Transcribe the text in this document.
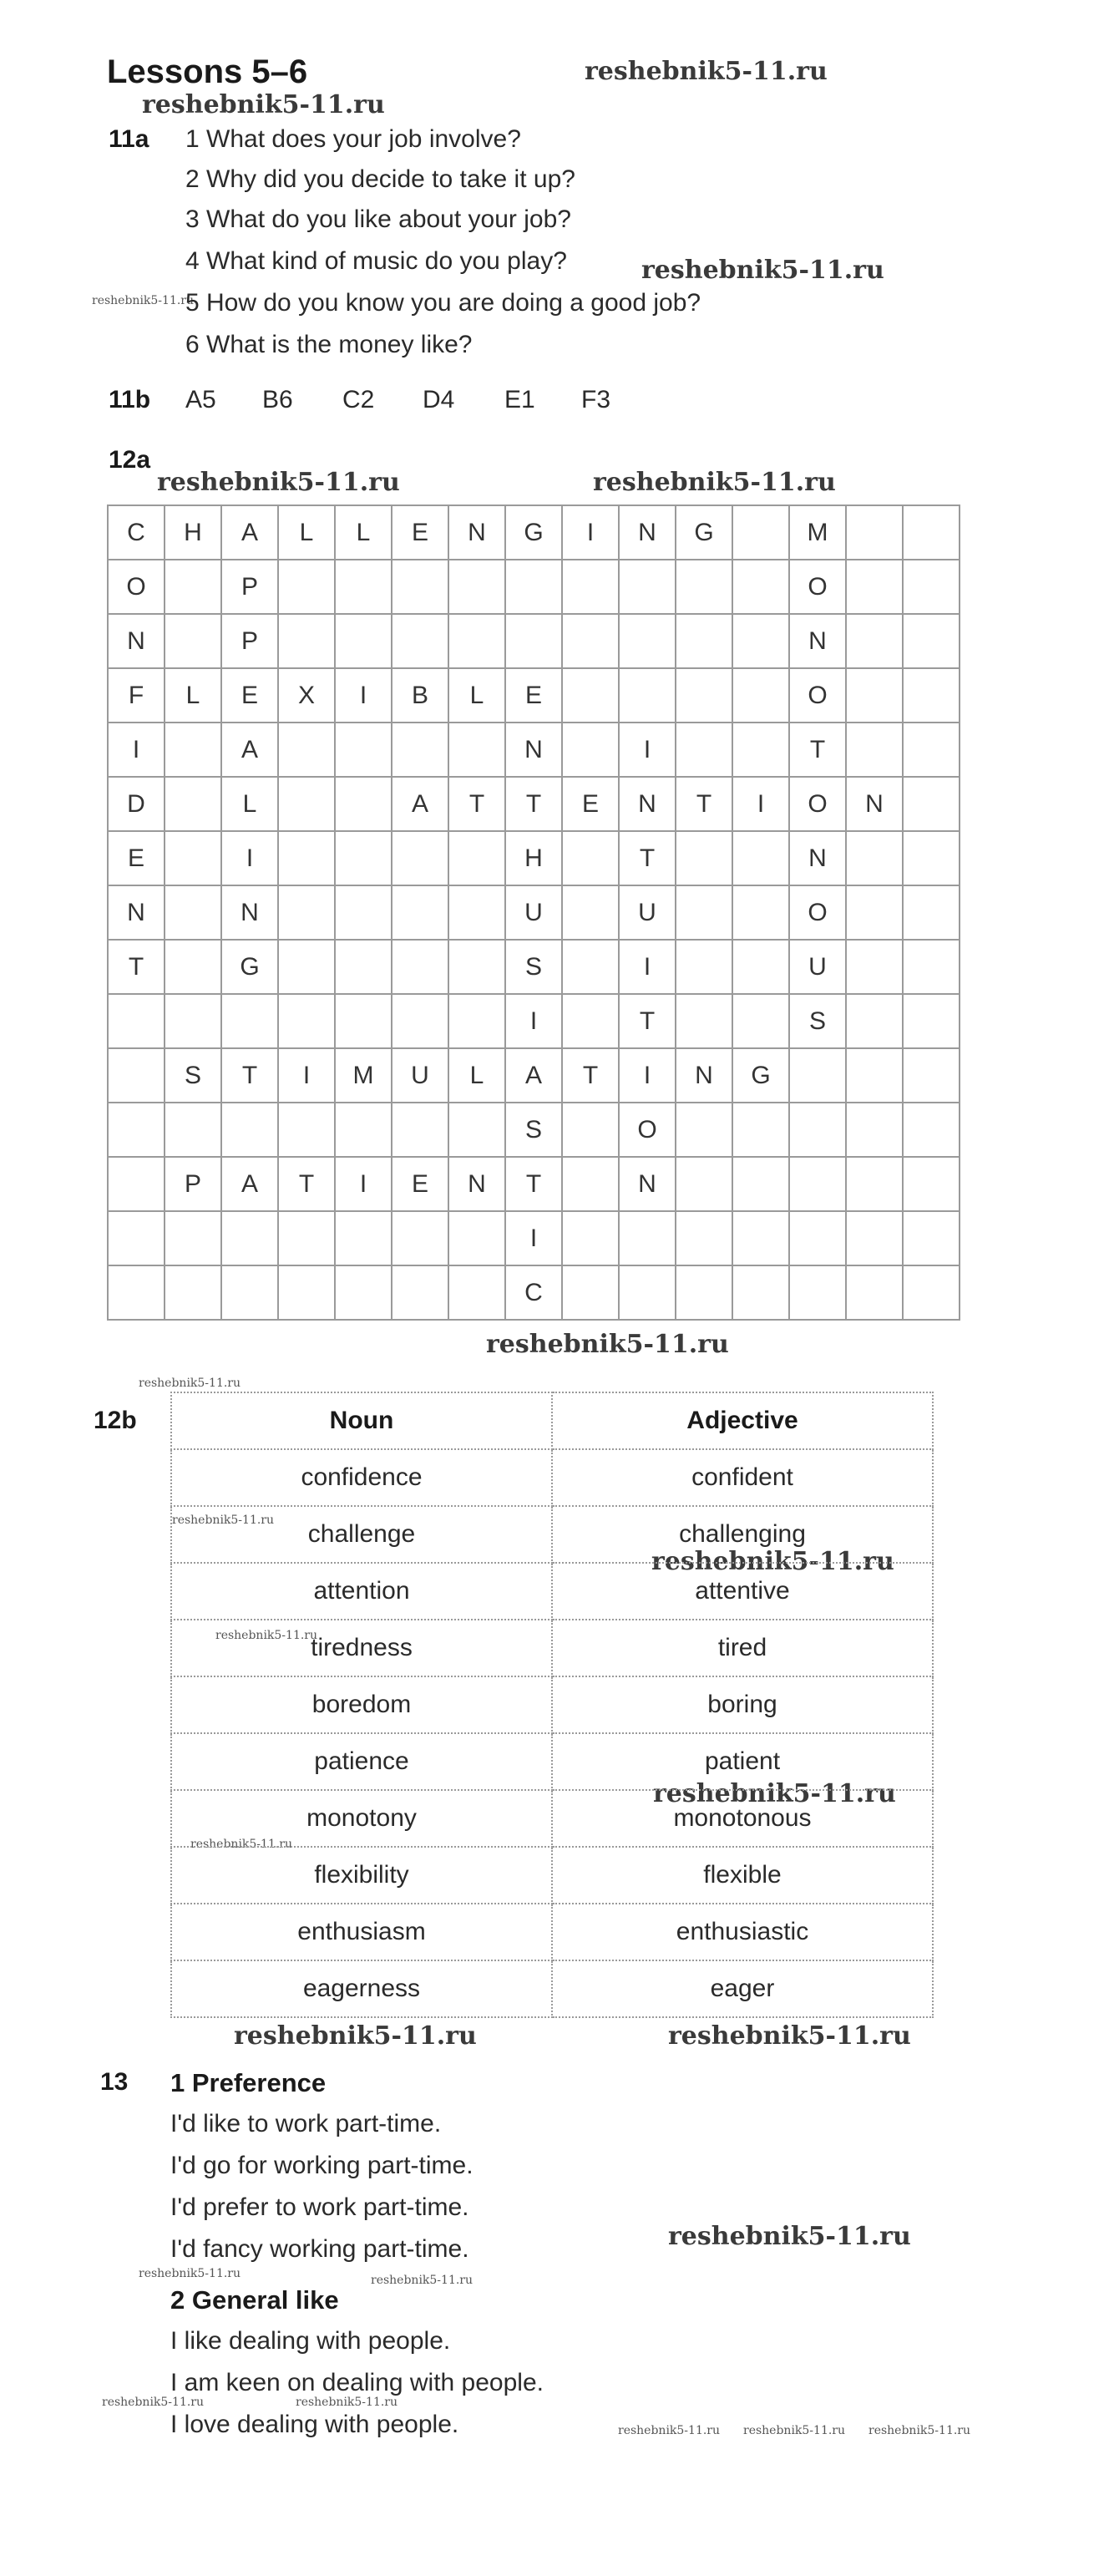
Lessons 5–6	reshebnik5-11.ru
reshebnik5-11.ru
reshebnik5-11.ru
reshebnik5-11.ru	reshebnik5-11.ru
reshebnik5-11.ru
reshebnik5-11.ru
reshebnik5-11.ru
reshebnik5-11.ru	reshebnik5-11.ru
reshebnik5-11.ru
reshebnik5-11.ru
reshebnik5-11.ru
reshebnik5-11.ru
reshebnik5-11.ru
reshebnik5-11.ru
reshebnik5-11.ru	reshebnik5-11.ru
reshebnik5-11.ru	reshebnik5-11.ru
reshebnik5-11.ru reshebnik5-11.ru reshebnik5-11.ru
11a 1 What does your job involve?
2 Why did you decide to take it up?
3 What do you like about your job?
4 What kind of music do you play?
5 How do you know you are doing a good job?
6 What is the money like?
11b A5 B6 C2 D4 E1 F3
12a
C	H	A	L	L	E	N	G	I	N	G		M		
O		P										O		
N		P										N		
F	L	E	X	I	B	L	E					O		
I		A					N		I			T		
D		L			A	T	T	E	N	T	I	O	N	
E		I					H		T			N		
N		N					U		U			O		
T		G					S		I			U		
							I		T			S		
	S	T	I	M	U	L	A	T	I	N	G			
							S		O					
	P	A	T	I	E	N	T		N					
							I							
							C							
12b	Noun	Adjective
confidence	confident
challenge	challenging
attention	attentive
tiredness	tired
boredom	boring
patience	patient
monotony	monotonous
flexibility	flexible
enthusiasm	enthusiastic
eagerness	eager
13 1 Preference
I'd like to work part-time.
I'd go for working part-time.
I'd prefer to work part-time.
I'd fancy working part-time.
2 General like
I like dealing with people.
I am keen on dealing with people.
I love dealing with people.
